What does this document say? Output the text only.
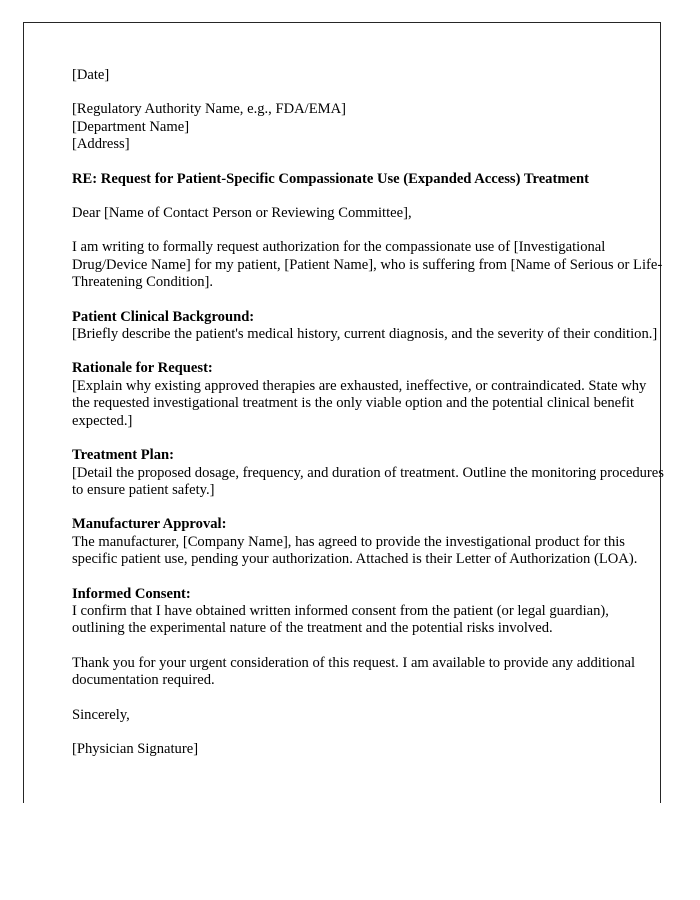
[Date]
[Regulatory Authority Name, e.g., FDA/EMA]
[Department Name]
[Address]
RE: Request for Patient-Specific Compassionate Use (Expanded Access) Treatment
Dear [Name of Contact Person or Reviewing Committee],
I am writing to formally request authorization for the compassionate use of [Investigational Drug/Device Name] for my patient, [Patient Name], who is suffering from [Name of Serious or Life-Threatening Condition].
Patient Clinical Background:
[Briefly describe the patient's medical history, current diagnosis, and the severity of their condition.]
Rationale for Request:
[Explain why existing approved therapies are exhausted, ineffective, or contraindicated. State why the requested investigational treatment is the only viable option and the potential clinical benefit expected.]
Treatment Plan:
[Detail the proposed dosage, frequency, and duration of treatment. Outline the monitoring procedures to ensure patient safety.]
Manufacturer Approval:
The manufacturer, [Company Name], has agreed to provide the investigational product for this specific patient use, pending your authorization. Attached is their Letter of Authorization (LOA).
Informed Consent:
I confirm that I have obtained written informed consent from the patient (or legal guardian), outlining the experimental nature of the treatment and the potential risks involved.
Thank you for your urgent consideration of this request. I am available to provide any additional documentation required.
Sincerely,
[Physician Signature]
